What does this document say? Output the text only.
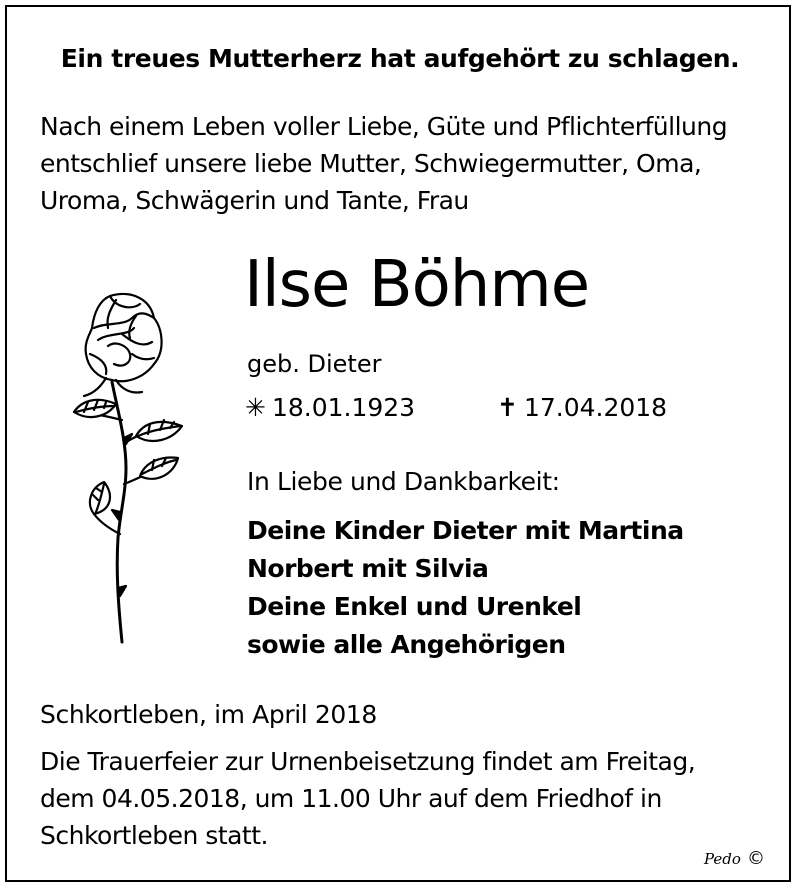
Ein treues Mutterherz hat aufgehört zu schlagen.
Nach einem Leben voller Liebe, Güte und Pflichterfüllung
entschlief unsere liebe Mutter, Schwiegermutter, Oma,
Uroma, Schwägerin und Tante, Frau
Ilse Böhme
geb. Dieter
✳ 18.01.1923	✝ 17.04.2018
In Liebe und Dankbarkeit:
Deine Kinder Dieter mit Martina
Norbert mit Silvia
Deine Enkel und Urenkel
sowie alle Angehörigen
Schkortleben, im April 2018
Die Trauerfeier zur Urnenbeisetzung findet am Freitag,
dem 04.05.2018, um 11.00 Uhr auf dem Friedhof in
Schkortleben statt.
Pedo ©
